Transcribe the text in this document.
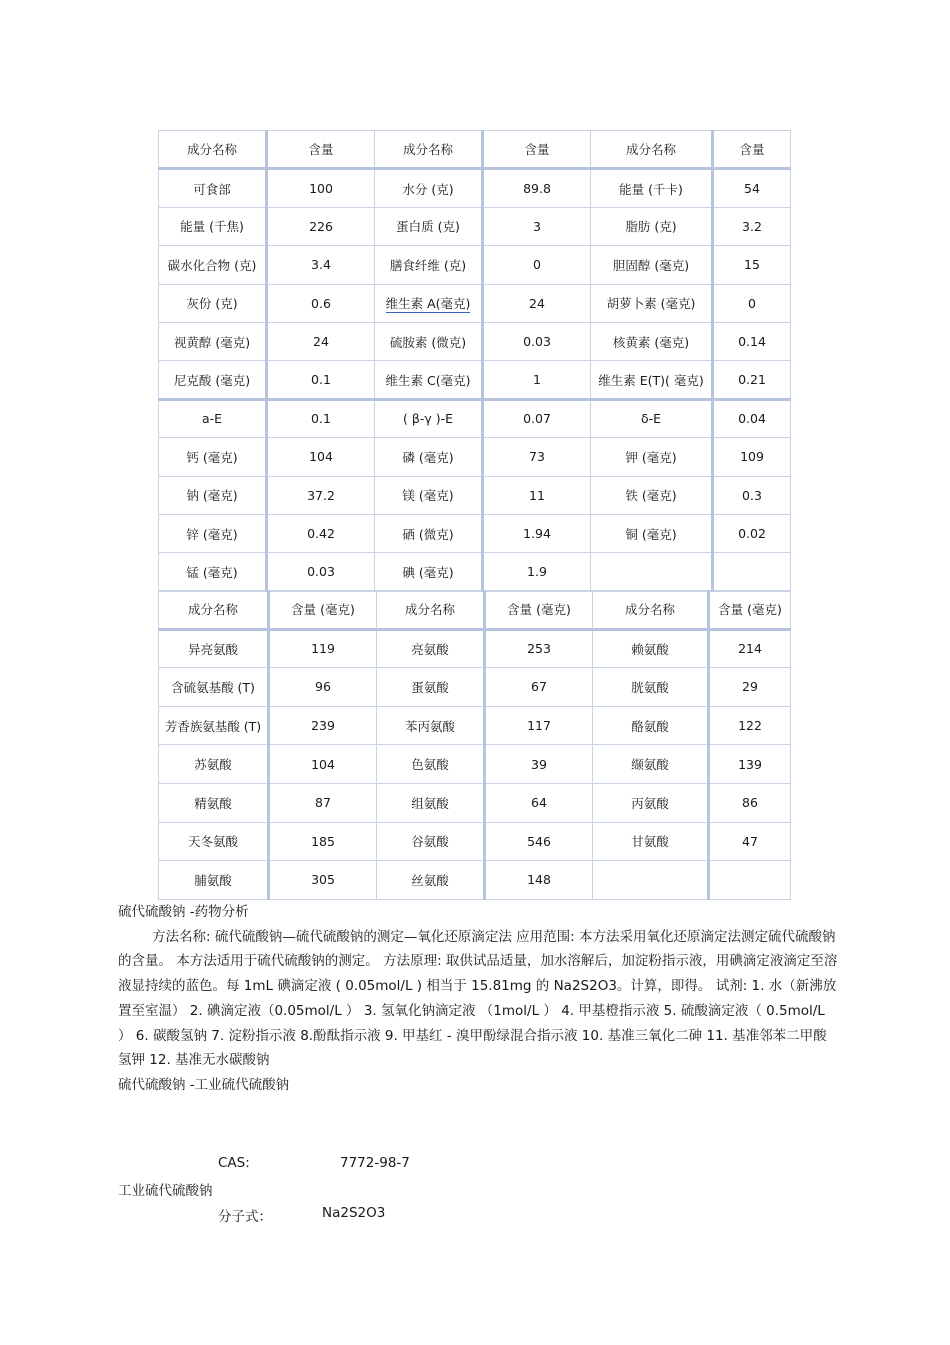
成分名称	含量	成分名称	含量	成分名称	含量
可食部	100	水分 (克)	89.8	能量 (千卡)	54
能量 (千焦)	226	蛋白质 (克)	3	脂肪 (克)	3.2
碳水化合物 (克)	3.4	膳食纤维 (克)	0	胆固醇 (毫克)	15
灰份 (克)	0.6	维生素 A(毫克)	24	胡萝卜素 (毫克)	0
视黄醇 (毫克)	24	硫胺素 (微克)	0.03	核黄素 (毫克)	0.14
尼克酸 (毫克)	0.1	维生素 C(毫克)	1	维生素 E(T)( 毫克)	0.21
a-E	0.1	( β-γ )-E	0.07	δ-E	0.04
钙 (毫克)	104	磷 (毫克)	73	钾 (毫克)	109
钠 (毫克)	37.2	镁 (毫克)	11	铁 (毫克)	0.3
锌 (毫克)	0.42	硒 (微克)	1.94	铜 (毫克)	0.02
锰 (毫克)	0.03	碘 (毫克)	1.9		
成分名称	含量 (毫克)	成分名称	含量 (毫克)	成分名称	含量 (毫克)
异亮氨酸	119	亮氨酸	253	赖氨酸	214
含硫氨基酸 (T)	96	蛋氨酸	67	胱氨酸	29
芳香族氨基酸 (T)	239	苯丙氨酸	117	酪氨酸	122
苏氨酸	104	色氨酸	39	缬氨酸	139
精氨酸	87	组氨酸	64	丙氨酸	86
天冬氨酸	185	谷氨酸	546	甘氨酸	47
脯氨酸	305	丝氨酸	148		

硫代硫酸钠 -药物分析

方法名称: 硫代硫酸钠—硫代硫酸钠的测定—氧化还原滴定法 应用范围: 本方法采用氧化还原滴定法测定硫代硫酸钠的含量。 本方法适用于硫代硫酸钠的测定。 方法原理: 取供试品适量，加水溶解后，加淀粉指示液，用碘滴定液滴定至溶液显持续的蓝色。每 1mL 碘滴定液 ( 0.05mol/L ) 相当于 15.81mg 的 Na2S2O3。计算，即得。 试剂: 1. 水（新沸放置至室温） 2. 碘滴定液（0.05mol/L ） 3. 氢氧化钠滴定液 （1mol/L ） 4. 甲基橙指示液 5. 硫酸滴定液（ 0.5mol/L ） 6. 碳酸氢钠 7. 淀粉指示液 8.酚酞指示液 9. 甲基红 - 溴甲酚绿混合指示液 10. 基准三氧化二砷 11. 基准邻苯二甲酸氢钾 12. 基准无水碳酸钠

硫代硫酸钠 -工业硫代硫酸钠

CAS:	7772-98-7
工业硫代硫酸钠
分子式：	Na2S2O3
